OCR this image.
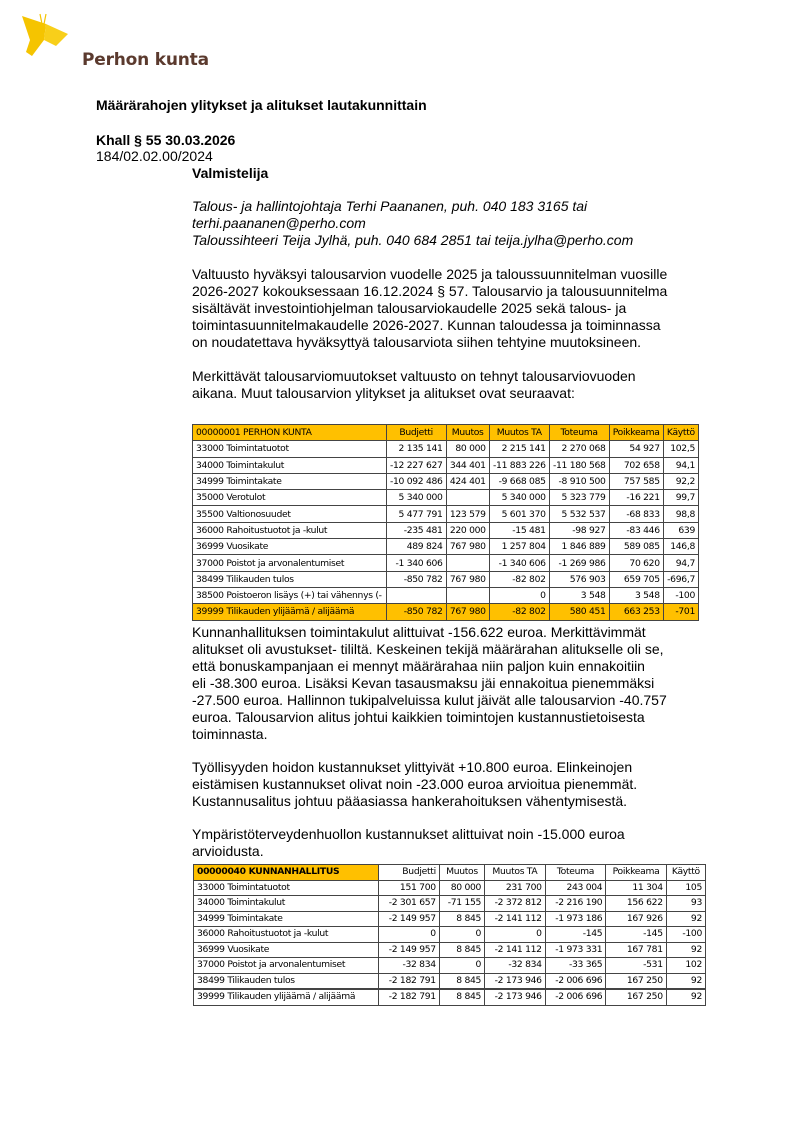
Perhon kunta
Määrärahojen ylitykset ja alitukset lautakunnittain
Khall § 55 30.03.2026
184/02.02.00/2024
Valmistelija
Talous- ja hallintojohtaja Terhi Paananen, puh. 040 183 3165 tai
terhi.paananen@perho.com
Taloussihteeri Teija Jylhä, puh. 040 684 2851 tai teija.jylha@perho.com
Valtuusto hyväksyi talousarvion vuodelle 2025 ja taloussuunnitelman vuosille
2026-2027 kokouksessaan 16.12.2024 § 57. Talousarvio ja talousuunnitelma
sisältävät investointiohjelman talousarviokaudelle 2025 sekä talous- ja
toimintasuunnitelmakaudelle 2026-2027. Kunnan taloudessa ja toiminnassa
on noudatettava hyväksyttyä talousarviota siihen tehtyine muutoksineen.
Merkittävät talousarviomuutokset valtuusto on tehnyt talousarviovuoden
aikana. Muut talousarvion ylitykset ja alitukset ovat seuraavat:
00000001 PERHON KUNTA	Budjetti	Muutos	Muutos TA	Toteuma	Poikkeama	Käyttö
33000 Toimintatuotot	2 135 141	80 000	2 215 141	2 270 068	54 927	102,5
34000 Toimintakulut	-12 227 627	344 401	-11 883 226	-11 180 568	702 658	94,1
34999 Toimintakate	-10 092 486	424 401	-9 668 085	-8 910 500	757 585	92,2
35000 Verotulot	5 340 000		5 340 000	5 323 779	-16 221	99,7
35500 Valtionosuudet	5 477 791	123 579	5 601 370	5 532 537	-68 833	98,8
36000 Rahoitustuotot ja -kulut	-235 481	220 000	-15 481	-98 927	-83 446	639
36999 Vuosikate	489 824	767 980	1 257 804	1 846 889	589 085	146,8
37000 Poistot ja arvonalentumiset	-1 340 606		-1 340 606	-1 269 986	70 620	94,7
38499 Tilikauden tulos	-850 782	767 980	-82 802	576 903	659 705	-696,7
38500 Poistoeron lisäys (+) tai vähennys (-			0	3 548	3 548	-100
39999 Tilikauden ylijäämä / alijäämä	-850 782	767 980	-82 802	580 451	663 253	-701
Kunnanhallituksen toimintakulut alittuivat -156.622 euroa. Merkittävimmät
alitukset oli avustukset- tililtä. Keskeinen tekijä määrärahan alitukselle oli se,
että bonuskampanjaan ei mennyt määrärahaa niin paljon kuin ennakoitiin
eli -38.300 euroa. Lisäksi Kevan tasausmaksu jäi ennakoitua pienemmäksi
-27.500 euroa. Hallinnon tukipalveluissa kulut jäivät alle talousarvion -40.757
euroa. Talousarvion alitus johtui kaikkien toimintojen kustannustietoisesta
toiminnasta.
Työllisyyden hoidon kustannukset ylittyivät +10.800 euroa. Elinkeinojen
eistämisen kustannukset olivat noin -23.000 euroa arvioitua pienemmät.
Kustannusalitus johtuu pääasiassa hankerahoituksen vähentymisestä.
Ympäristöterveydenhuollon kustannukset alittuivat noin -15.000 euroa
arvioidusta.
00000040 KUNNANHALLITUS	Budjetti	Muutos	Muutos TA	Toteuma	Poikkeama	Käyttö
33000 Toimintatuotot	151 700	80 000	231 700	243 004	11 304	105
34000 Toimintakulut	-2 301 657	-71 155	-2 372 812	-2 216 190	156 622	93
34999 Toimintakate	-2 149 957	8 845	-2 141 112	-1 973 186	167 926	92
36000 Rahoitustuotot ja -kulut	0	0	0	-145	-145	-100
36999 Vuosikate	-2 149 957	8 845	-2 141 112	-1 973 331	167 781	92
37000 Poistot ja arvonalentumiset	-32 834	0	-32 834	-33 365	-531	102
38499 Tilikauden tulos	-2 182 791	8 845	-2 173 946	-2 006 696	167 250	92
39999 Tilikauden ylijäämä / alijäämä	-2 182 791	8 845	-2 173 946	-2 006 696	167 250	92
